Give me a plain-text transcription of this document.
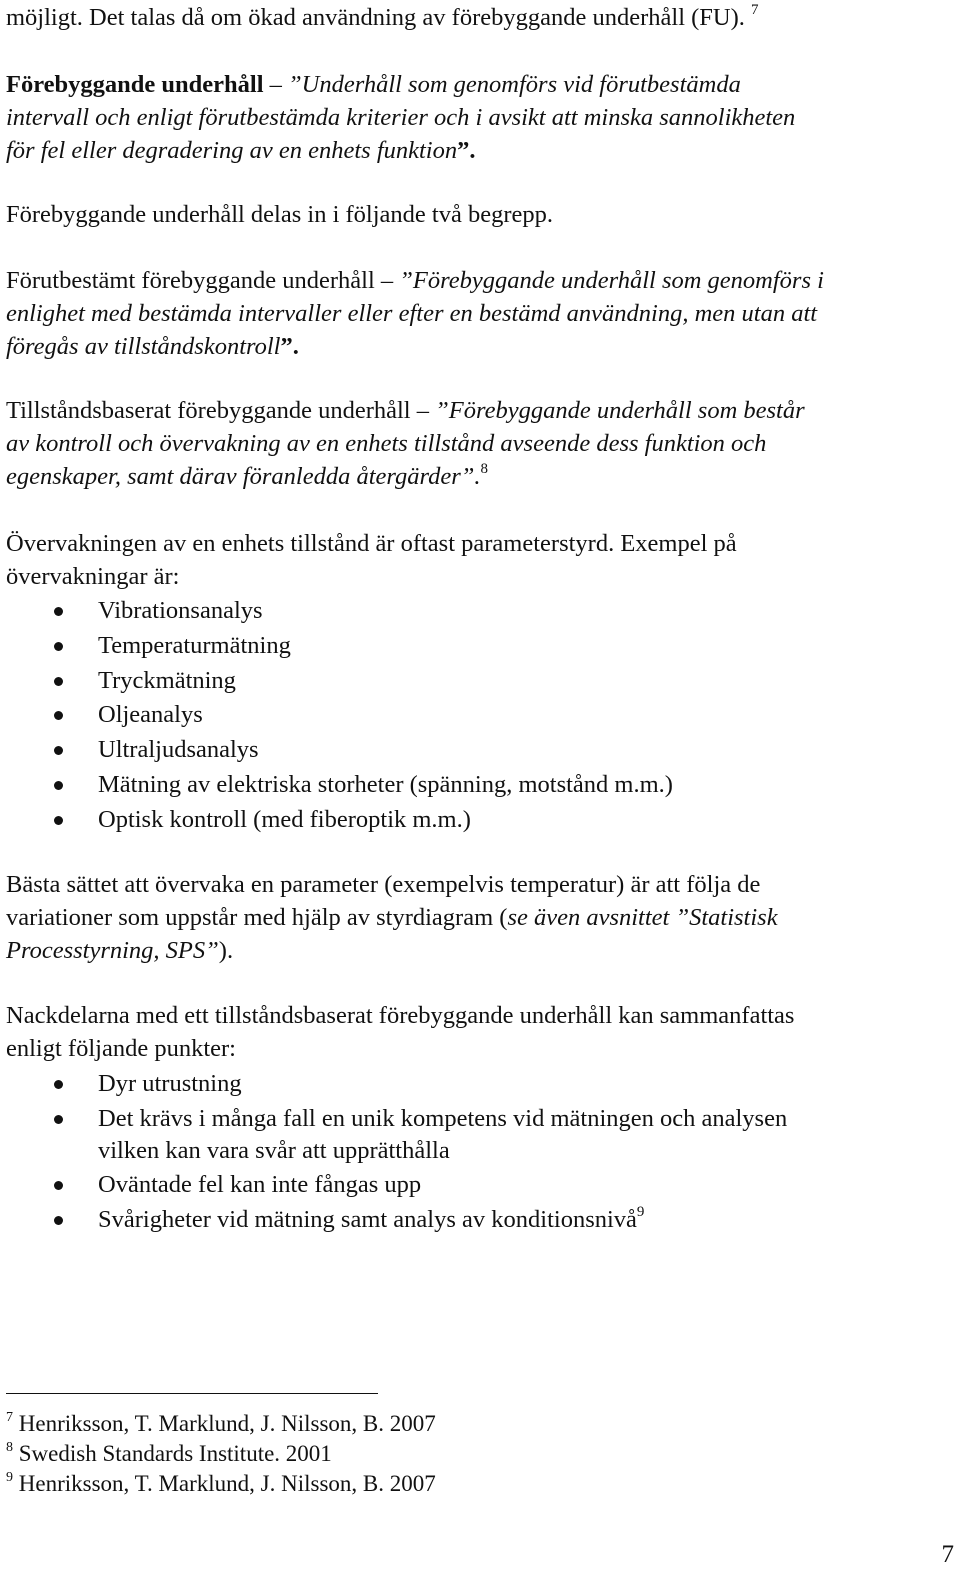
möjligt. Det talas då om ökad användning av förebyggande underhåll (FU). $^7$

Förebyggande underhåll – ”Underhåll som genomförs vid förutbestämda
intervall och enligt förutbestämda kriterier och i avsikt att minska sannolikheten
för fel eller degradering av en enhets funktion”.

Förebyggande underhåll delas in i följande två begrepp.

Förutbestämt förebyggande underhåll – ”Förebyggande underhåll som genomförs i
enlighet med bestämda intervaller eller efter en bestämd användning, men utan att
föregås av tillståndskontroll”.

Tillståndsbaserat förebyggande underhåll – ”Förebyggande underhåll som består
av kontroll och övervakning av en enhets tillstånd avseende dess funktion och
egenskaper, samt därav föranledda återgärder”.$^8$

Övervakningen av en enhets tillstånd är oftast parameterstyrd. Exempel på
övervakningar är:

Vibrationsanalys
Temperaturmätning
Tryckmätning
Oljeanalys
Ultraljudsanalys
Mätning av elektriska storheter (spänning, motstånd m.m.)
Optisk kontroll (med fiberoptik m.m.)

Bästa sättet att övervaka en parameter (exempelvis temperatur) är att följa de
variationer som uppstår med hjälp av styrdiagram (se även avsnittet ”Statistisk
Processtyrning, SPS”).

Nackdelarna med ett tillståndsbaserat förebyggande underhåll kan sammanfattas
enligt följande punkter:

Dyr utrustning
Det krävs i många fall en unik kompetens vid mätningen och analysen
vilken kan vara svår att upprätthålla
Oväntade fel kan inte fångas upp
Svårigheter vid mätning samt analys av konditionsnivå$^9$

$^7$ Henriksson, T. Marklund, J. Nilsson, B. 2007

$^8$ Swedish Standards Institute. 2001

$^9$ Henriksson, T. Marklund, J. Nilsson, B. 2007

7
